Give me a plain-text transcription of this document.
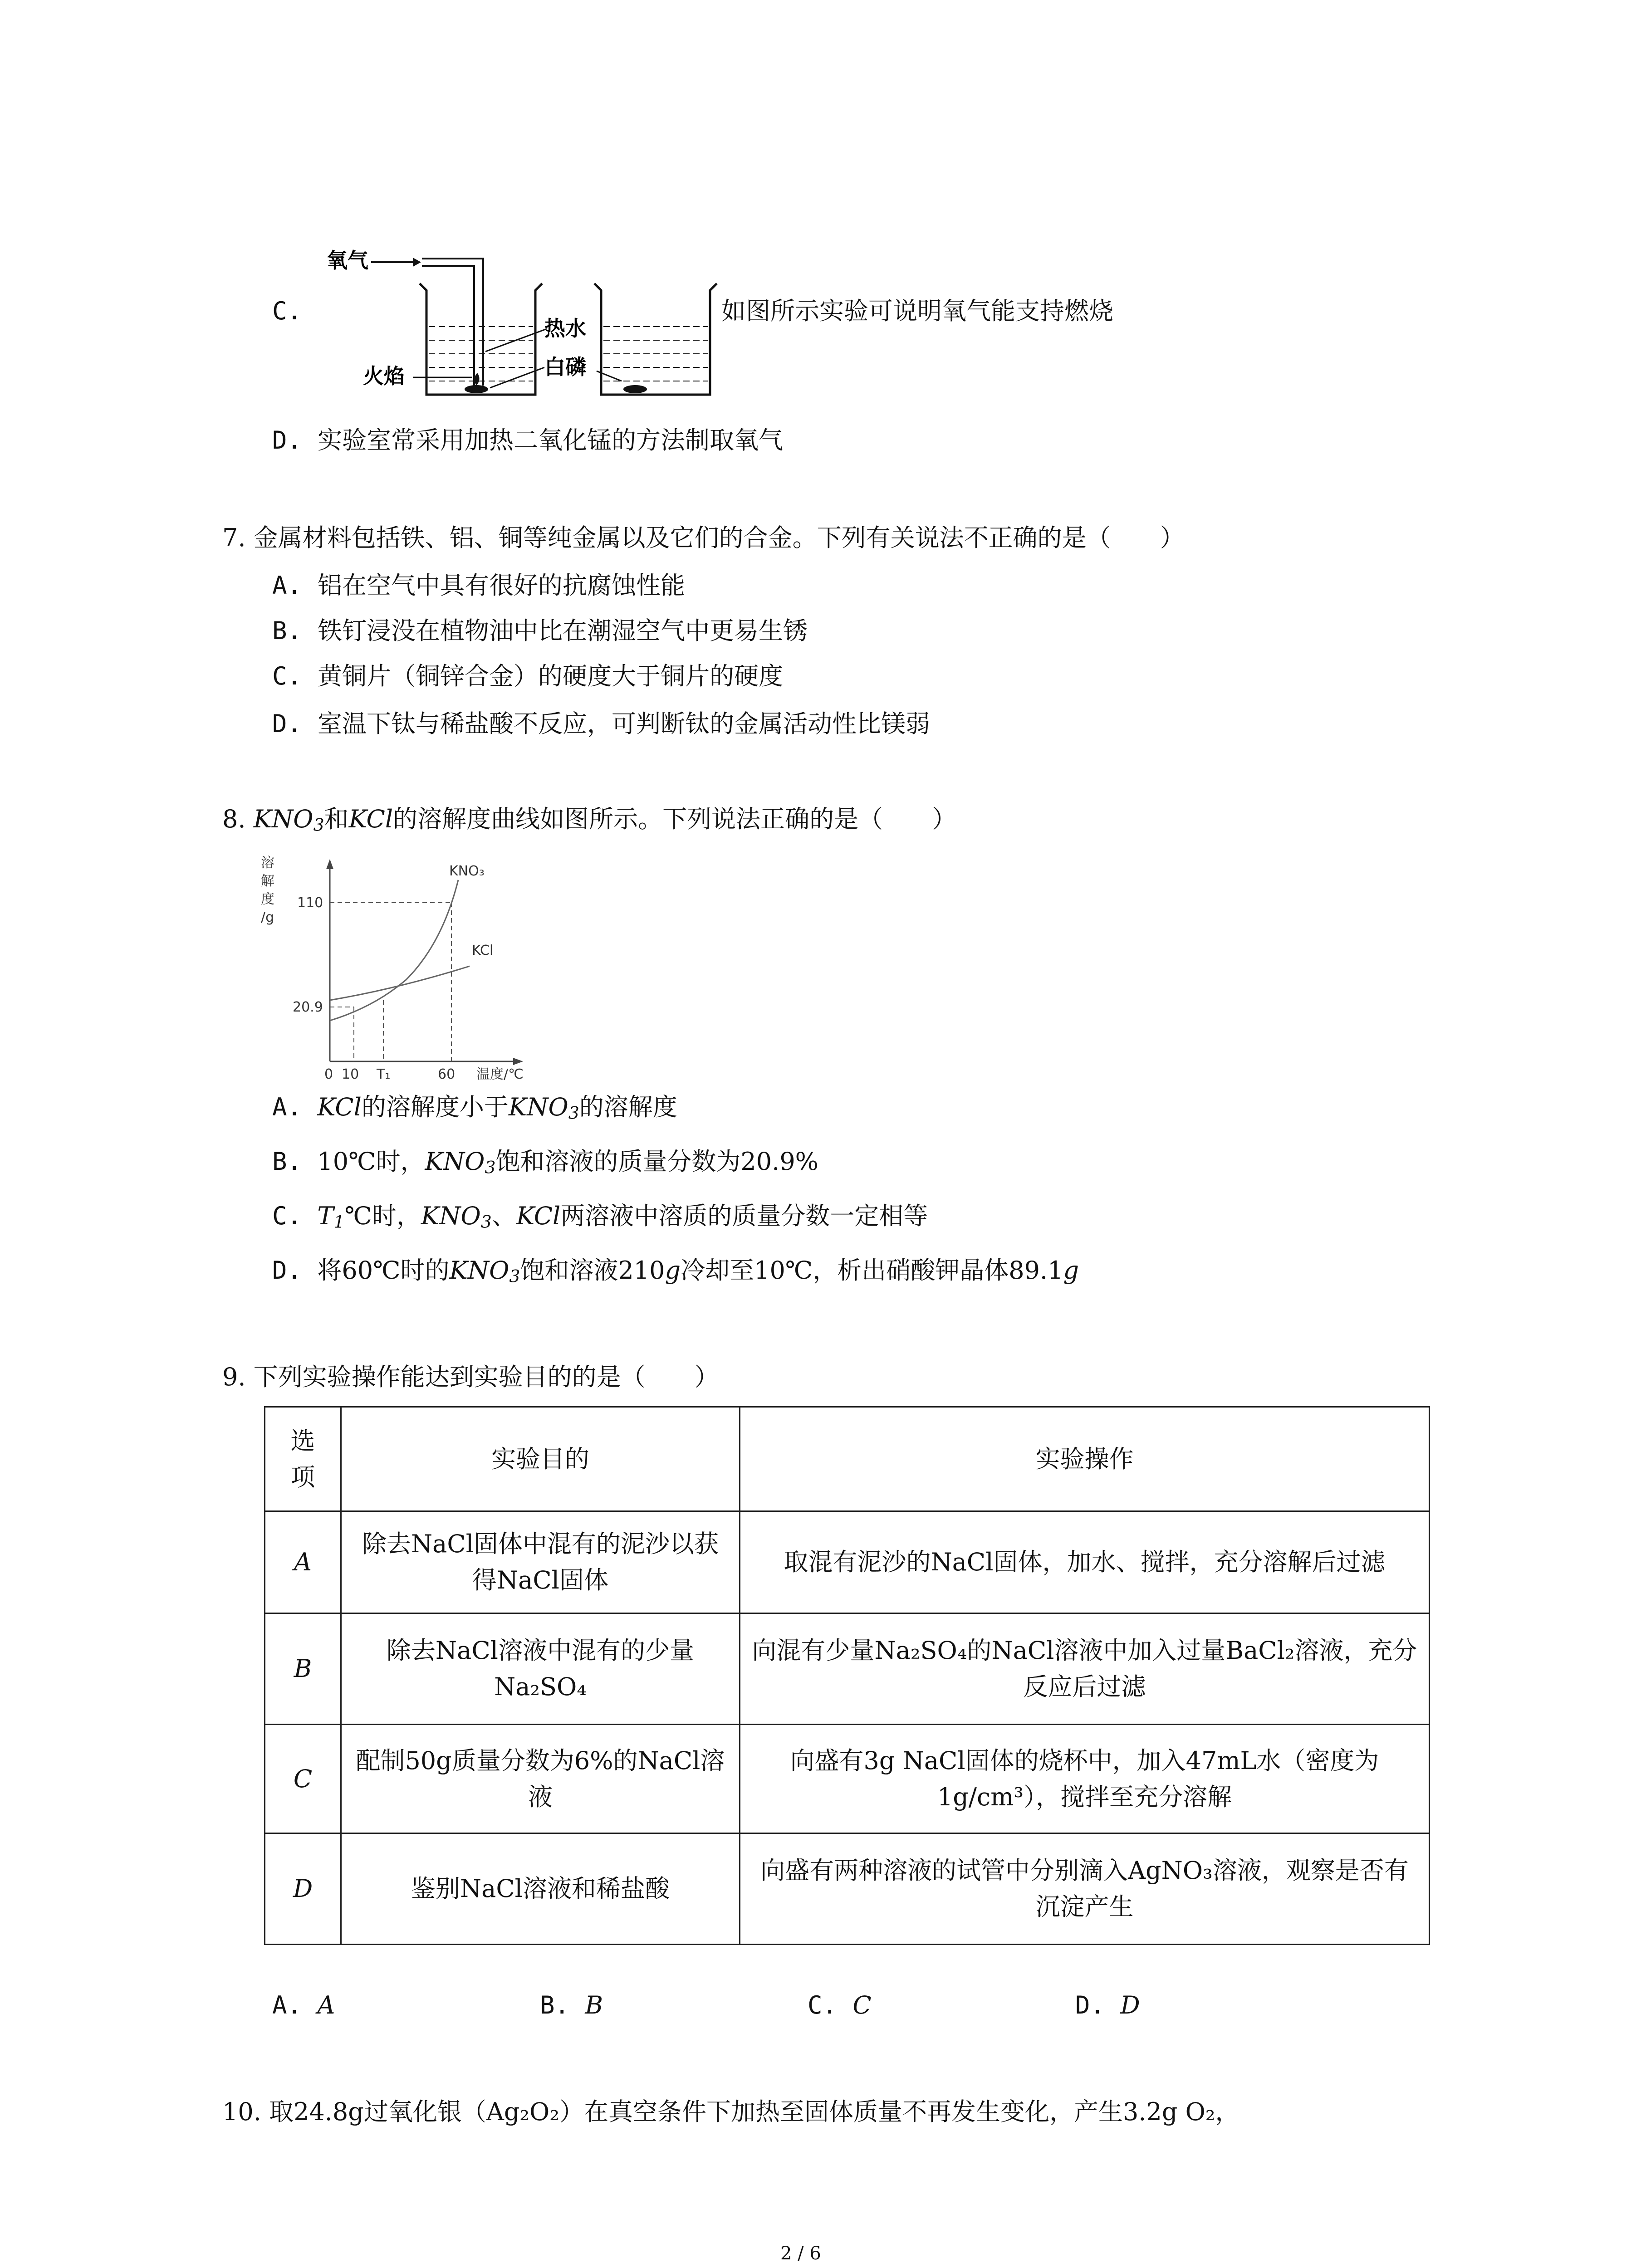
C.
氧气
热水
白磷
火焰
如图所示实验可说明氧气能支持燃烧
D. 实验室常采用加热二氧化锰的方法制取氧气
7. 金属材料包括铁、铝、铜等纯金属以及它们的合金。下列有关说法不正确的是（　　）
A. 铝在空气中具有很好的抗腐蚀性能
B. 铁钉浸没在植物油中比在潮湿空气中更易生锈
C. 黄铜片（铜锌合金）的硬度大于铜片的硬度
D. 室温下钛与稀盐酸不反应，可判断钛的金属活动性比镁弱
8. $KNO_3$和KCl的溶解度曲线如图所示。下列说法正确的是（　　）
溶
解
度
/g
110
20.9
0 10 T₁	60 温度/℃
KNO₃
KCl
A. KCl的溶解度小于$KNO_3$的溶解度
B. 10℃时，$KNO_3$饱和溶液的质量分数为20.9%
C. $T_1℃$时，$KNO_3$、KCl两溶液中溶质的质量分数一定相等
D. 将60℃时的$KNO_3$饱和溶液210g冷却至10℃，析出硝酸钾晶体89.1g
9. 下列实验操作能达到实验目的的是（　　）
选项	实验目的	实验操作
A	除去NaCl固体中混有的泥沙以获得NaCl固体	取混有泥沙的NaCl固体，加水、搅拌，充分溶解后过滤
B	除去NaCl溶液中混有的少量Na₂SO₄	向混有少量Na₂SO₄的NaCl溶液中加入过量BaCl₂溶液，充分反应后过滤
C	配制50g质量分数为6%的NaCl溶液	向盛有3g NaCl固体的烧杯中，加入47mL水（密度为1g/cm³），搅拌至充分溶解
D	鉴别NaCl溶液和稀盐酸	向盛有两种溶液的试管中分别滴入AgNO₃溶液，观察是否有沉淀产生
A. A	B. B	C. C	D. D
10. 取24.8g过氧化银（Ag₂O₂）在真空条件下加热至固体质量不再发生变化，产生3.2g O₂，
2 / 6
